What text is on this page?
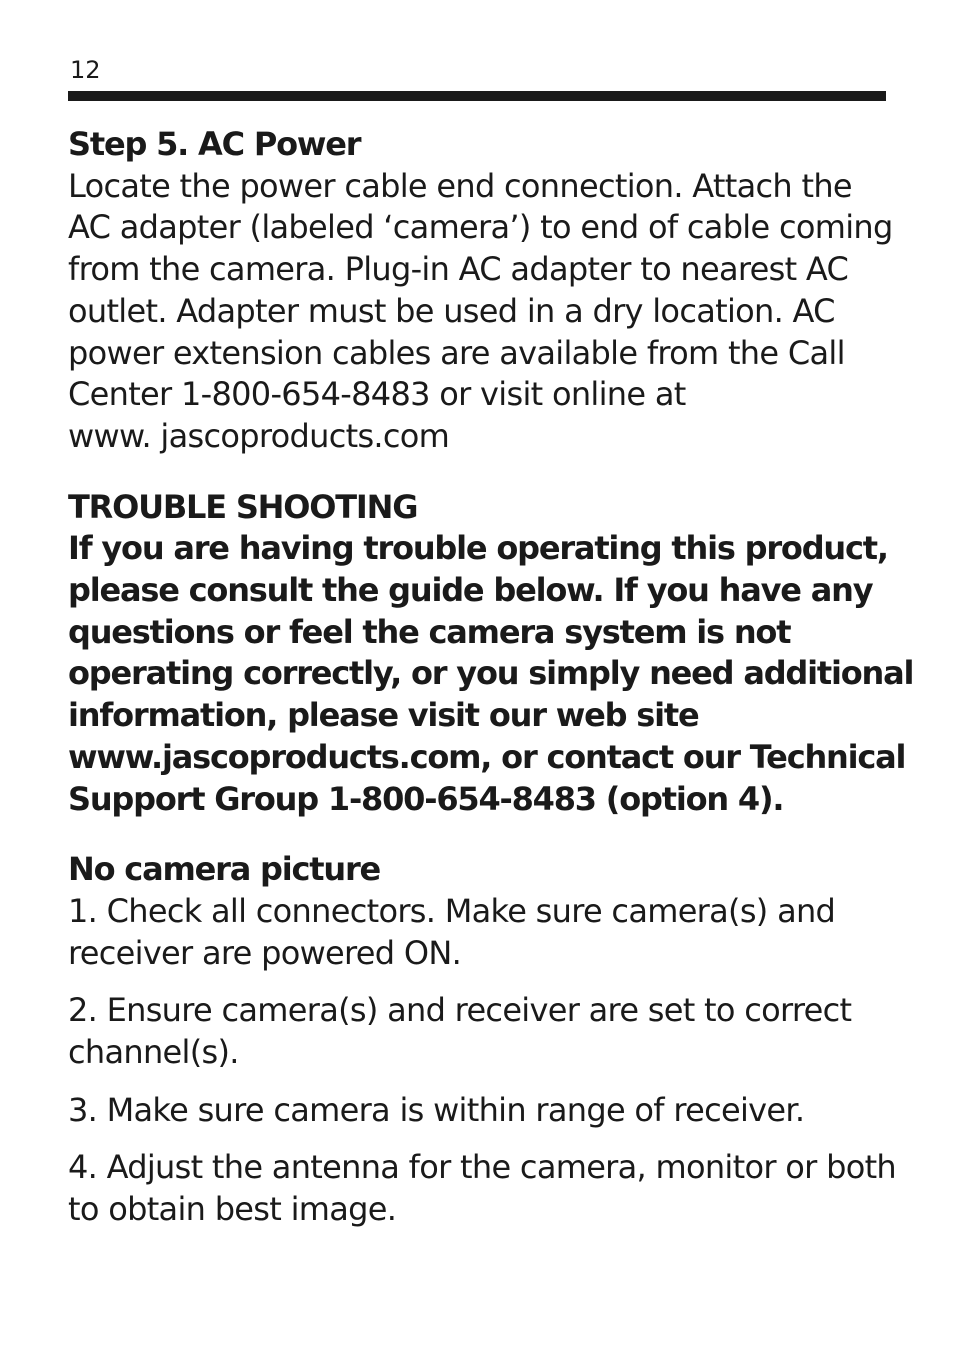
12

Step 5. AC Power

Locate the power cable end connection. Attach the

AC adapter (labeled ‘camera’) to end of cable coming

from the camera. Plug-in AC adapter to nearest AC

outlet. Adapter must be used in a dry location. AC

power extension cables are available from the Call

Center 1-800-654-8483 or visit online at

www. jascoproducts.com

TROUBLE SHOOTING

If you are having trouble operating this product,

please consult the guide below. If you have any

questions or feel the camera system is not

operating correctly, or you simply need additional

information, please visit our web site

www.jascoproducts.com, or contact our Technical

Support Group 1-800-654-8483 (option 4).

No camera picture

1. Check all connectors. Make sure camera(s) and

receiver are powered ON.

2. Ensure camera(s) and receiver are set to correct

channel(s).

3. Make sure camera is within range of receiver.

4. Adjust the antenna for the camera, monitor or both

to obtain best image.
